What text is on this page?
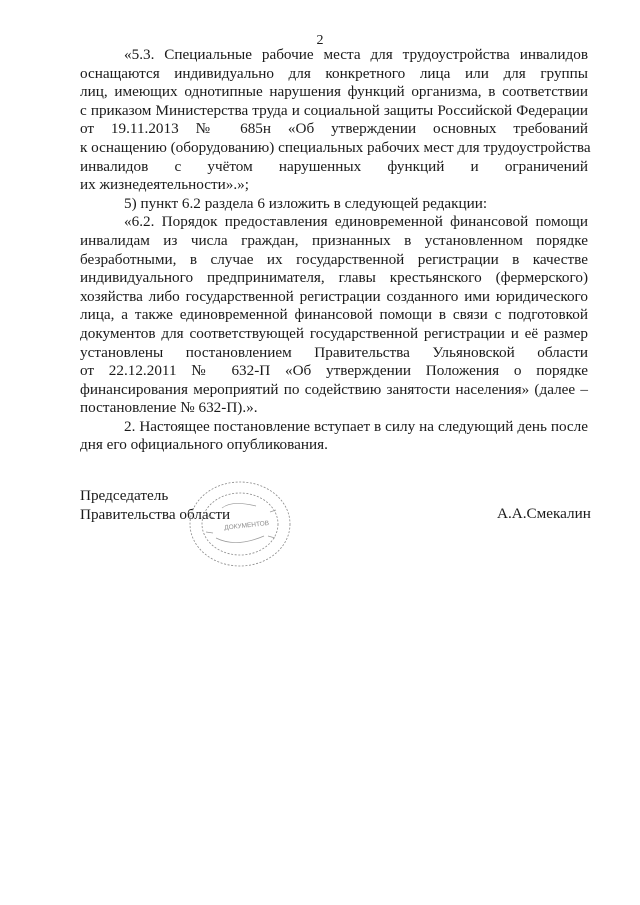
2
«5.3. Специальные рабочие места для трудоустройства инвалидов
оснащаются индивидуально для конкретного лица или для группы
лиц, имеющих однотипные нарушения функций организма, в соответствии
с приказом Министерства труда и социальной защиты Российской Федерации
от 19.11.2013 № 685н «Об утверждении основных требований
к оснащению (оборудованию) специальных рабочих мест для трудоустройства
инвалидов с учётом нарушенных функций и ограничений
их жизнедеятельности».»;
5) пункт 6.2 раздела 6 изложить в следующей редакции:
«6.2. Порядок предоставления единовременной финансовой помощи
инвалидам из числа граждан, признанных в установленном порядке
безработными, в случае их государственной регистрации в качестве
индивидуального предпринимателя, главы крестьянского (фермерского)
хозяйства либо государственной регистрации созданного ими юридического
лица, а также единовременной финансовой помощи в связи с подготовкой
документов для соответствующей государственной регистрации и её размер
установлены постановлением Правительства Ульяновской области
от 22.12.2011 № 632-П «Об утверждении Положения о порядке
финансирования мероприятий по содействию занятости населения» (далее –
постановление № 632-П).».
2. Настоящее постановление вступает в силу на следующий день после
дня его официального опубликования.
Председатель
Правительства области
ДОКУМЕНТОВ
А.А.Смекалин
